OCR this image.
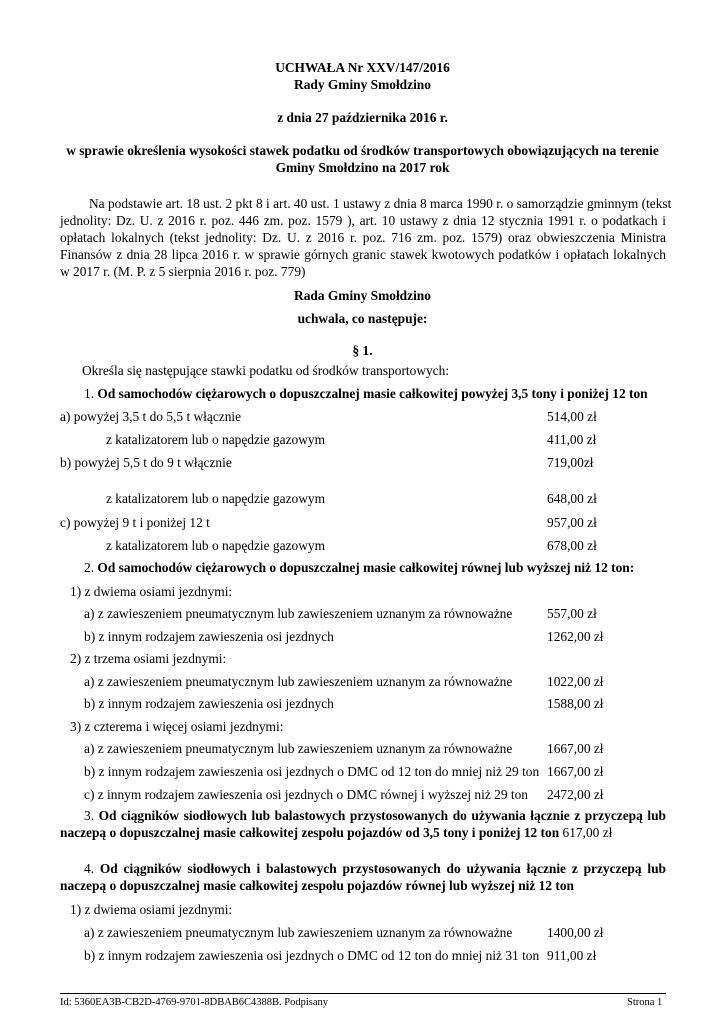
UCHWAŁA Nr XXV/147/2016
Rady Gminy Smołdzino
z dnia 27 października 2016 r.
w sprawie określenia wysokości stawek podatku od środków transportowych obowiązujących na terenie
Gminy Smołdzino na 2017 rok
Na podstawie art. 18 ust. 2 pkt 8 i art. 40 ust. 1 ustawy z dnia 8 marca 1990 r. o samorządzie gminnym (tekst
jednolity: Dz. U. z 2016 r. poz. 446 zm. poz. 1579 ), art. 10 ustawy z dnia 12 stycznia 1991 r. o podatkach i
opłatach lokalnych (tekst jednolity: Dz. U. z 2016 r. poz. 716 zm. poz. 1579) oraz obwieszczenia Ministra
Finansów z dnia 28 lipca 2016 r. w sprawie górnych granic stawek kwotowych podatków i opłatach lokalnych
w 2017 r. (M. P. z 5 sierpnia 2016 r. poz. 779)
Rada Gminy Smołdzino
uchwala, co następuje:
§ 1.
Określa się następujące stawki podatku od środków transportowych:
1. Od samochodów ciężarowych o dopuszczalnej masie całkowitej powyżej 3,5 tony i poniżej 12 ton
a) powyżej 3,5 t do 5,5 t włącznie	514,00 zł
z katalizatorem lub o napędzie gazowym	411,00 zł
b) powyżej 5,5 t do 9 t włącznie	719,00zł
z katalizatorem lub o napędzie gazowym	648,00 zł
c) powyżej 9 t i poniżej 12 t	957,00 zł
z katalizatorem lub o napędzie gazowym	678,00 zł
2. Od samochodów ciężarowych o dopuszczalnej masie całkowitej równej lub wyższej niż 12 ton:
1) z dwiema osiami jezdnymi:
a) z zawieszeniem pneumatycznym lub zawieszeniem uznanym za równoważne	557,00 zł
b) z innym rodzajem zawieszenia osi jezdnych	1262,00 zł
2) z trzema osiami jezdnymi:
a) z zawieszeniem pneumatycznym lub zawieszeniem uznanym za równoważne	1022,00 zł
b) z innym rodzajem zawieszenia osi jezdnych	1588,00 zł
3) z czterema i więcej osiami jezdnymi:
a) z zawieszeniem pneumatycznym lub zawieszeniem uznanym za równoważne	1667,00 zł
b) z innym rodzajem zawieszenia osi jezdnych o DMC od 12 ton do mniej niż 29 ton 1667,00 zł
c) z innym rodzajem zawieszenia osi jezdnych o DMC równej i wyższej niż 29 ton 2472,00 zł
3. Od ciągników siodłowych lub balastowych przystosowanych do używania łącznie z przyczepą lub
naczepą o dopuszczalnej masie całkowitej zespołu pojazdów od 3,5 tony i poniżej 12 ton 617,00 zł
4. Od ciągników siodłowych i balastowych przystosowanych do używania łącznie z przyczepą lub
naczepą o dopuszczalnej masie całkowitej zespołu pojazdów równej lub wyższej niż 12 ton
1) z dwiema osiami jezdnymi:
a) z zawieszeniem pneumatycznym lub zawieszeniem uznanym za równoważne	1400,00 zł
b) z innym rodzajem zawieszenia osi jezdnych o DMC od 12 ton do mniej niż 31 ton 911,00 zł
Id: 5360EA3B-CB2D-4769-9701-8DBAB6C4388B. Podpisany	Strona 1
